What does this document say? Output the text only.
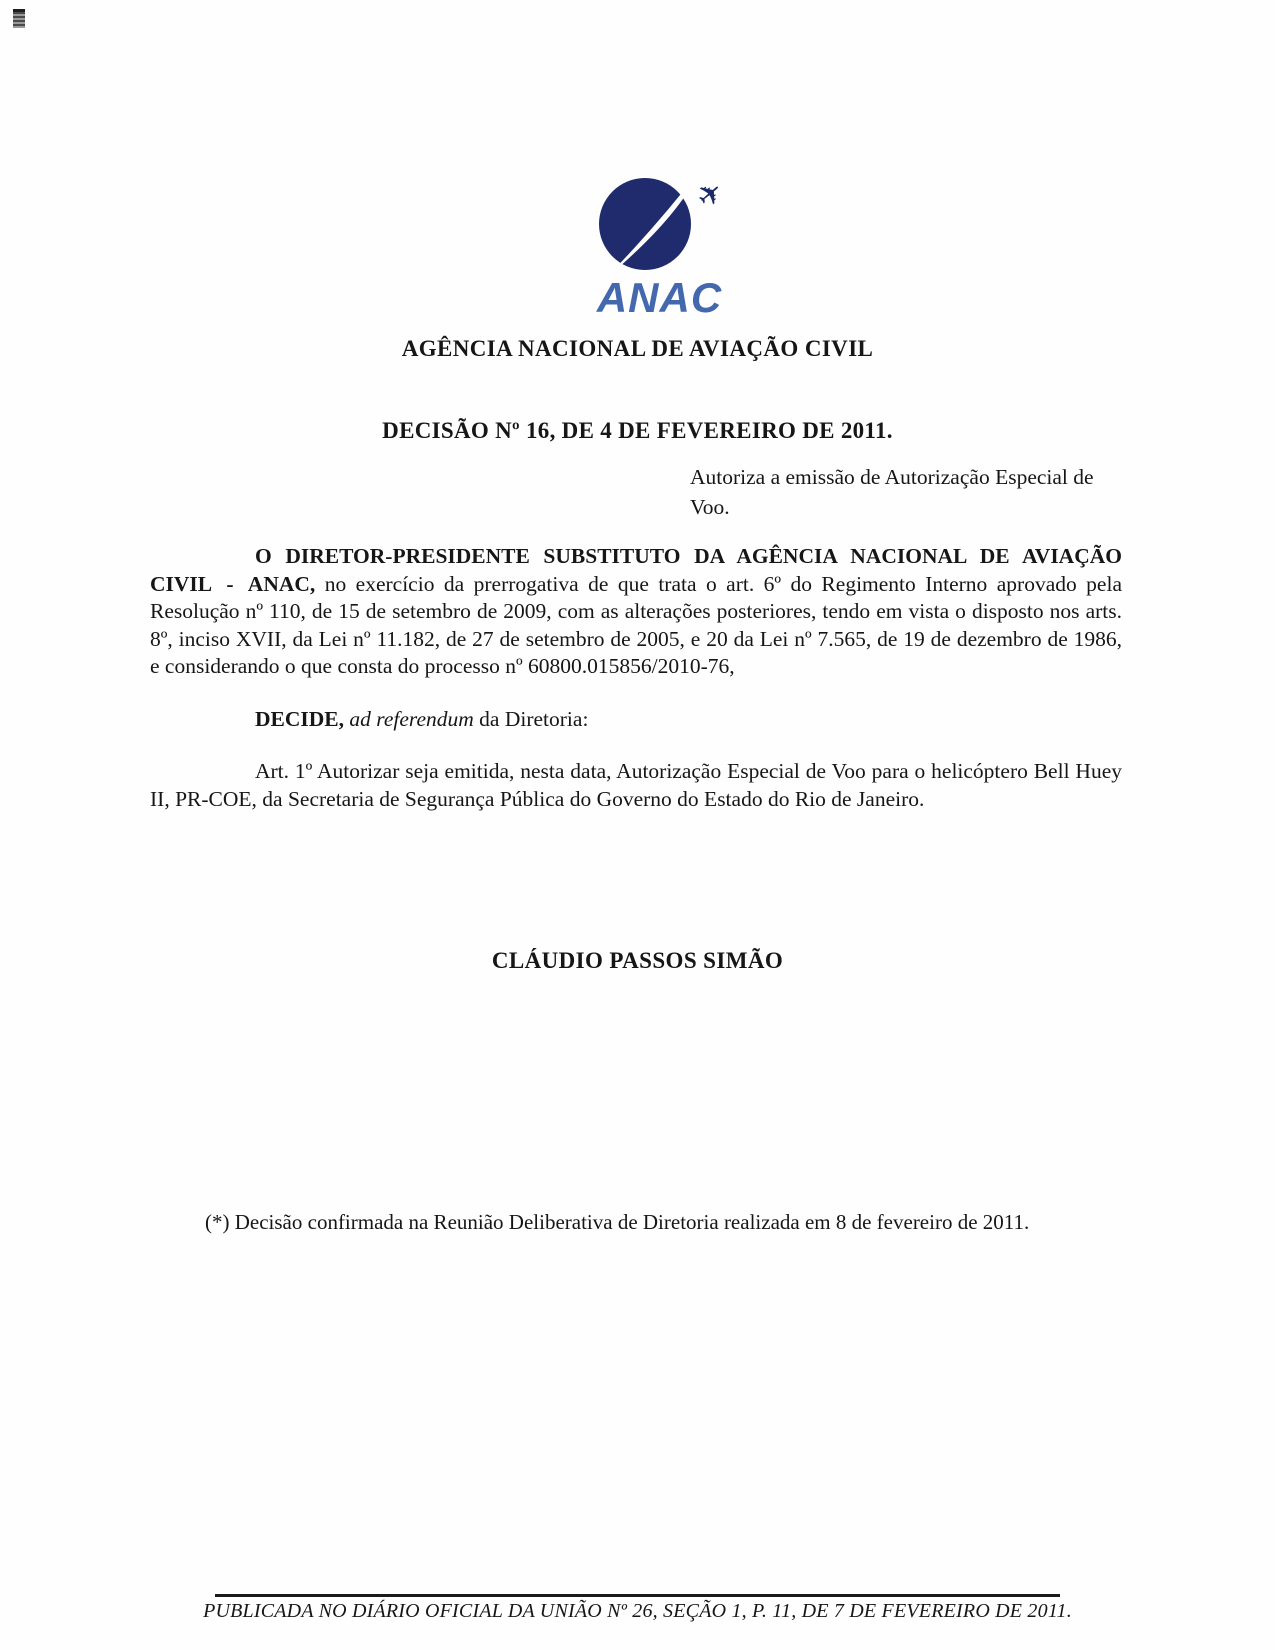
✈
ANAC
AGÊNCIA NACIONAL DE AVIAÇÃO CIVIL
DECISÃO Nº 16, DE 4 DE FEVEREIRO DE 2011.
Autoriza a emissão de Autorização Especial de Voo.

O DIRETOR-PRESIDENTE SUBSTITUTO DA AGÊNCIA NACIONAL DE AVIAÇÃO CIVIL - ANAC, no exercício da prerrogativa de que trata o art. 6º do Regimento Interno aprovado pela Resolução nº 110, de 15 de setembro de 2009, com as alterações posteriores, tendo em vista o disposto nos arts. 8º, inciso XVII, da Lei nº 11.182, de 27 de setembro de 2005, e 20 da Lei nº 7.565, de 19 de dezembro de 1986, e considerando o que consta do processo nº 60800.015856/2010-76,

DECIDE, ad referendum da Diretoria:

Art. 1º Autorizar seja emitida, nesta data, Autorização Especial de Voo para o helicóptero Bell Huey II, PR-COE, da Secretaria de Segurança Pública do Governo do Estado do Rio de Janeiro.

CLÁUDIO PASSOS SIMÃO
(*) Decisão confirmada na Reunião Deliberativa de Diretoria realizada em 8 de fevereiro de 2011.
PUBLICADA NO DIÁRIO OFICIAL DA UNIÃO Nº 26, SEÇÃO 1, P. 11, DE 7 DE FEVEREIRO DE 2011.
